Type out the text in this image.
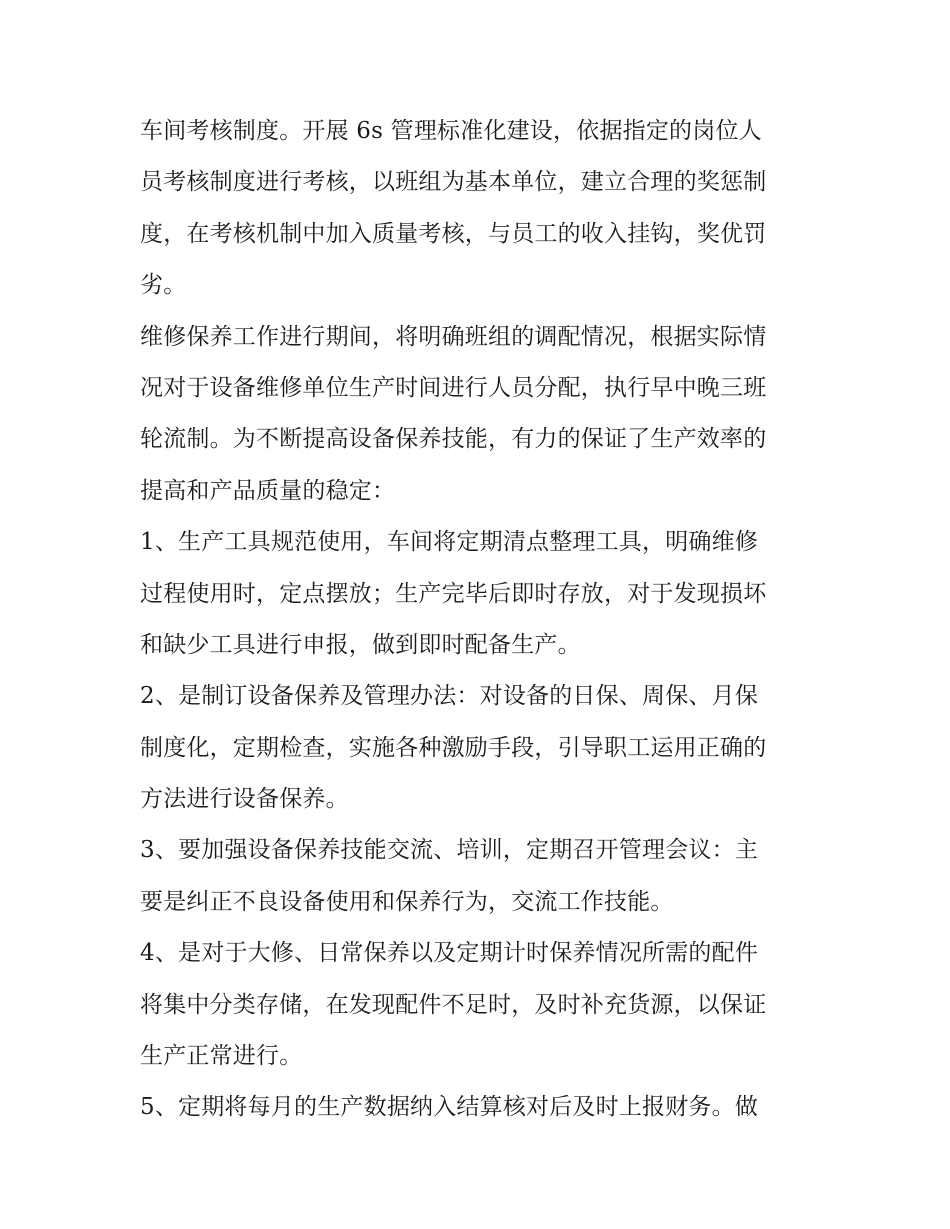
车间考核制度。开展 6s 管理标准化建设，依据指定的岗位人
员考核制度进行考核，以班组为基本单位，建立合理的奖惩制
度，在考核机制中加入质量考核，与员工的收入挂钩，奖优罚
劣。
维修保养工作进行期间，将明确班组的调配情况，根据实际情
况对于设备维修单位生产时间进行人员分配，执行早中晚三班
轮流制。为不断提高设备保养技能，有力的保证了生产效率的
提高和产品质量的稳定：
1、生产工具规范使用，车间将定期清点整理工具，明确维修
过程使用时，定点摆放；生产完毕后即时存放，对于发现损坏
和缺少工具进行申报，做到即时配备生产。
2、是制订设备保养及管理办法：对设备的日保、周保、月保
制度化，定期检查，实施各种激励手段，引导职工运用正确的
方法进行设备保养。
3、要加强设备保养技能交流、培训，定期召开管理会议：主
要是纠正不良设备使用和保养行为，交流工作技能。
4、是对于大修、日常保养以及定期计时保养情况所需的配件
将集中分类存储，在发现配件不足时，及时补充货源，以保证
生产正常进行。
5、定期将每月的生产数据纳入结算核对后及时上报财务。做
